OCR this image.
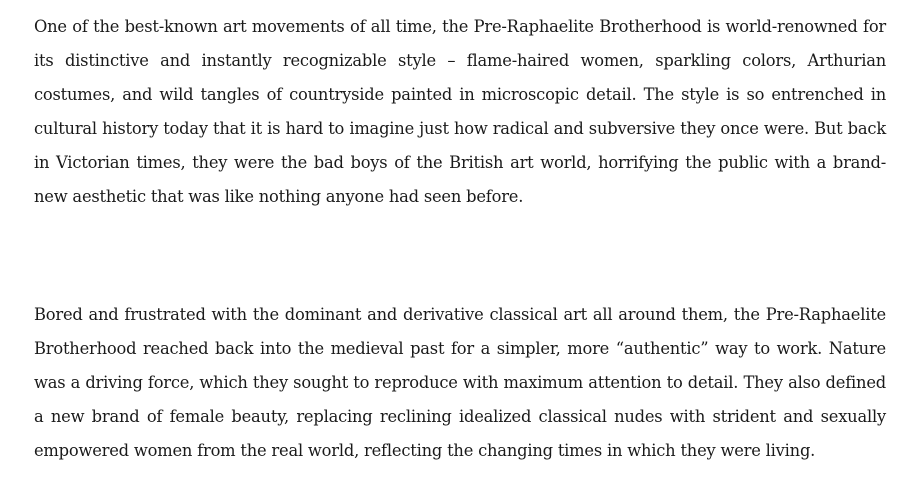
One of the best-known art movements of all time, the Pre-Raphaelite Brotherhood is world-renowned for its distinctive and instantly recognizable style – flame-haired women, sparkling colors, Arthurian costumes, and wild tangles of countryside painted in microscopic detail. The style is so entrenched in cultural history today that it is hard to imagine just how radical and subversive they once were. But back in Victorian times, they were the bad boys of the British art world, horrifying the public with a brand-new aesthetic that was like nothing anyone had seen before.

Bored and frustrated with the dominant and derivative classical art all around them, the Pre-Raphaelite Brotherhood reached back into the medieval past for a simpler, more “authentic” way to work. Nature was a driving force, which they sought to reproduce with maximum attention to detail. They also defined a new brand of female beauty, replacing reclining idealized classical nudes with strident and sexually empowered women from the real world, reflecting the changing times in which they were living.
